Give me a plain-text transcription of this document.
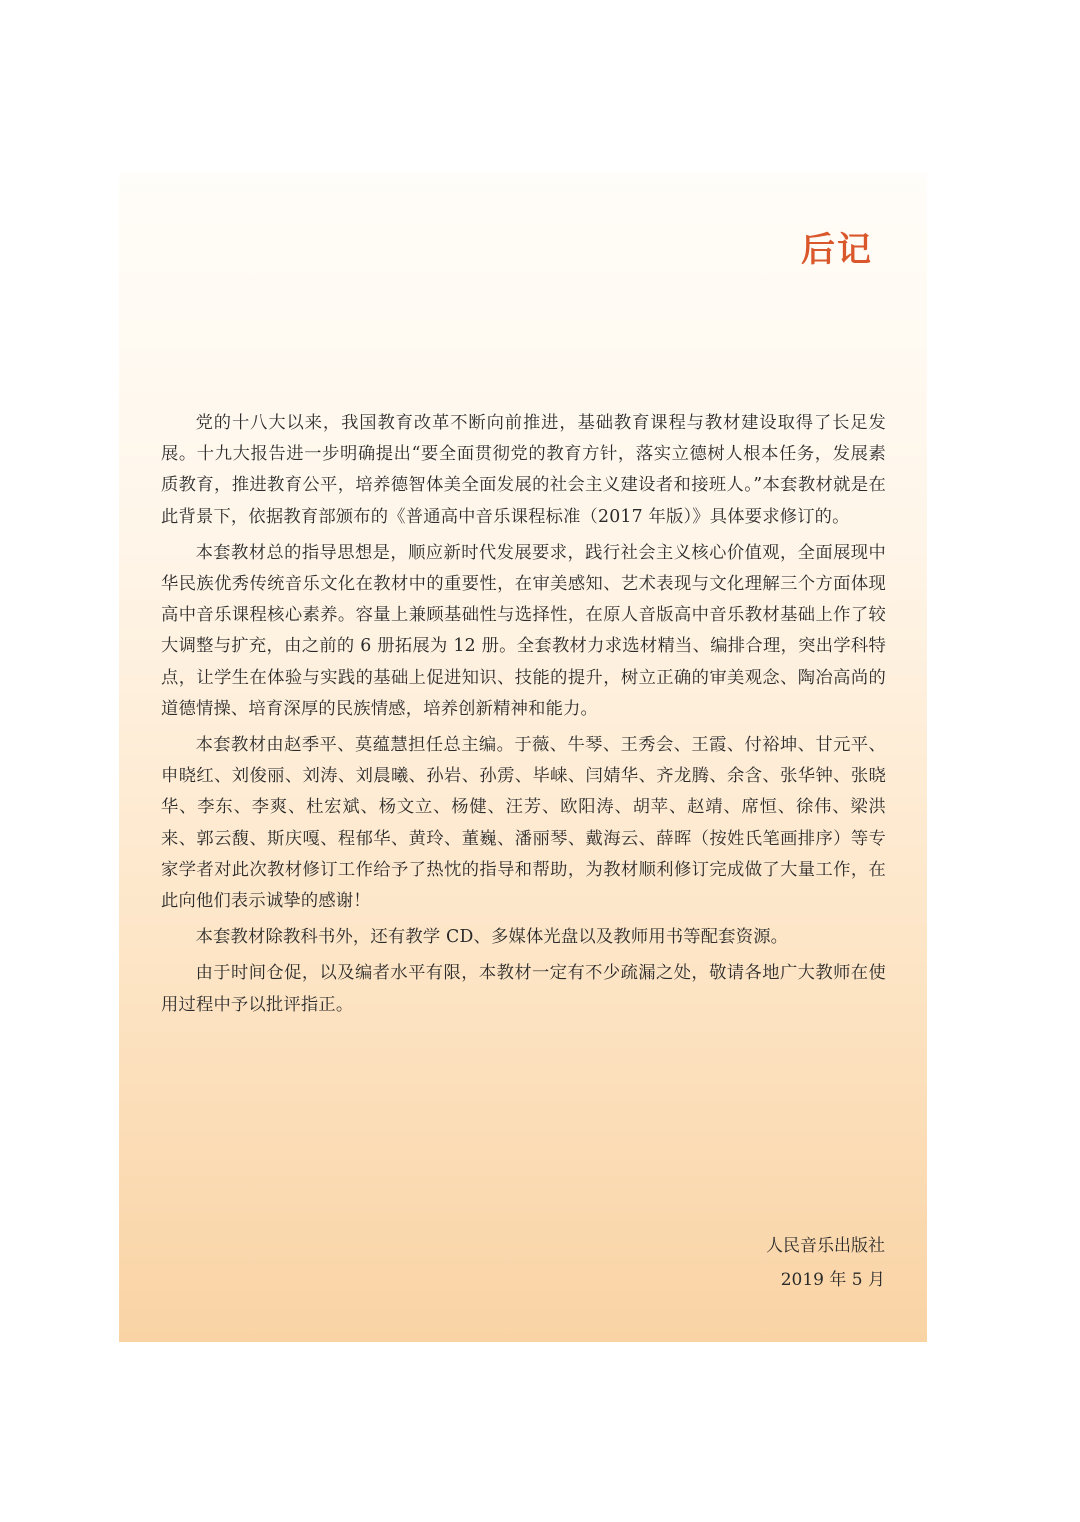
后记

党的十八大以来，我国教育改革不断向前推进，基础教育课程与教材建设取得了长足发展。十九大报告进一步明确提出“要全面贯彻党的教育方针，落实立德树人根本任务，发展素质教育，推进教育公平，培养德智体美全面发展的社会主义建设者和接班人。”本套教材就是在此背景下，依据教育部颁布的《普通高中音乐课程标准（2017 年版）》具体要求修订的。

本套教材总的指导思想是，顺应新时代发展要求，践行社会主义核心价值观，全面展现中华民族优秀传统音乐文化在教材中的重要性，在审美感知、艺术表现与文化理解三个方面体现高中音乐课程核心素养。容量上兼顾基础性与选择性，在原人音版高中音乐教材基础上作了较大调整与扩充，由之前的 6 册拓展为 12 册。全套教材力求选材精当、编排合理，突出学科特点，让学生在体验与实践的基础上促进知识、技能的提升，树立正确的审美观念、陶冶高尚的道德情操、培育深厚的民族情感，培养创新精神和能力。

本套教材由赵季平、莫蕴慧担任总主编。于薇、牛琴、王秀会、王霞、付裕坤、甘元平、申晓红、刘俊丽、刘涛、刘晨曦、孙岩、孙雳、毕崃、闫婧华、齐龙腾、余含、张华钟、张晓华、李东、李爽、杜宏斌、杨文立、杨健、汪芳、欧阳涛、胡苹、赵靖、席恒、徐伟、梁洪来、郭云馥、斯庆嘎、程郁华、黄玲、董巍、潘丽琴、戴海云、薛晖（按姓氏笔画排序）等专家学者对此次教材修订工作给予了热忱的指导和帮助，为教材顺利修订完成做了大量工作，在此向他们表示诚挚的感谢！

本套教材除教科书外，还有教学 CD、多媒体光盘以及教师用书等配套资源。

由于时间仓促，以及编者水平有限，本教材一定有不少疏漏之处，敬请各地广大教师在使用过程中予以批评指正。

人民音乐出版社
2019 年 5 月
